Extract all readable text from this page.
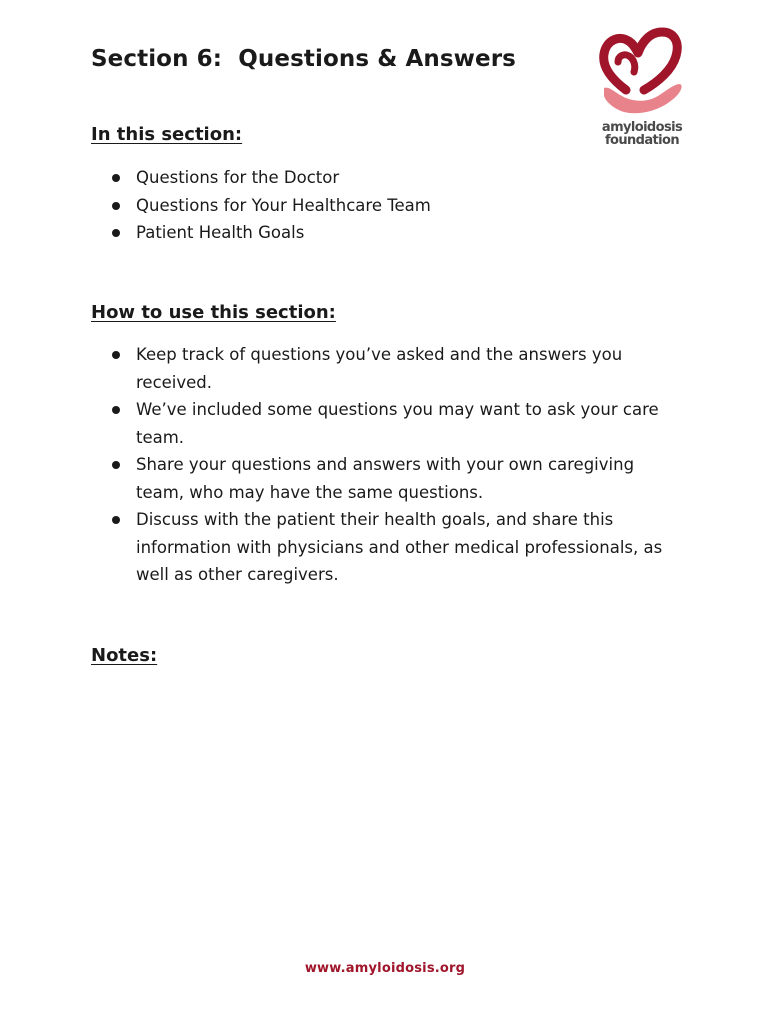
Section 6:  Questions & Answers
amyloidosis
foundation
In this section:
Questions for the Doctor
Questions for Your Healthcare Team
Patient Health Goals
How to use this section:
Keep track of questions you’ve asked and the answers you received.
We’ve included some questions you may want to ask your care team.
Share your questions and answers with your own caregiving team, who may have the same questions.
Discuss with the patient their health goals, and share this information with physicians and other medical professionals, as well as other caregivers.
Notes:
www.amyloidosis.org
